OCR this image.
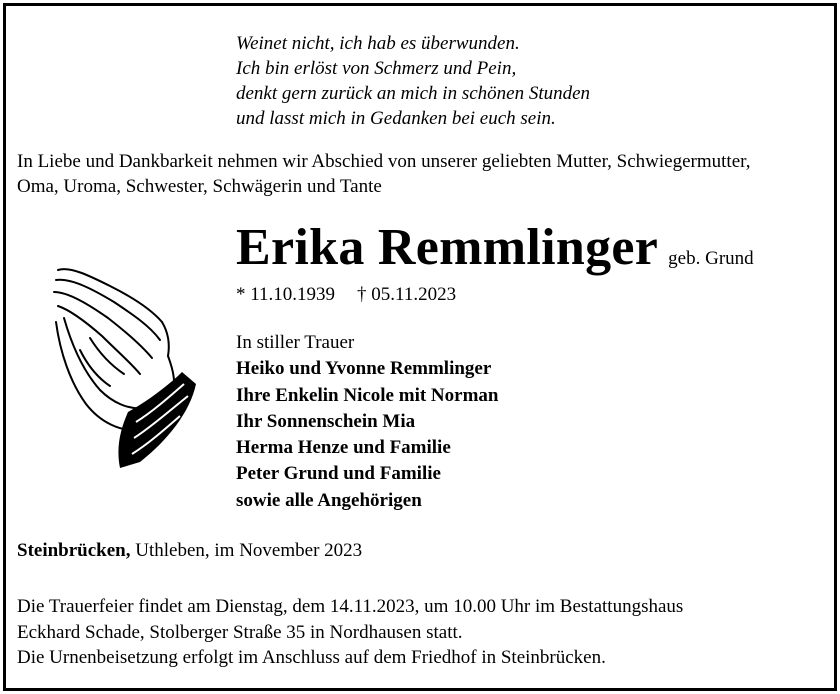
Weinet nicht, ich hab es überwunden.
Ich bin erlöst von Schmerz und Pein,
denkt gern zurück an mich in schönen Stunden
und lasst mich in Gedanken bei euch sein.
In Liebe und Dankbarkeit nehmen wir Abschied von unserer geliebten Mutter, Schwiegermutter,
Oma, Uroma, Schwester, Schwägerin und Tante
Erika Remmlinger geb. Grund
* 11.10.1939 † 05.11.2023
In stiller Trauer
Heiko und Yvonne Remmlinger
Ihre Enkelin Nicole mit Norman
Ihr Sonnenschein Mia
Herma Henze und Familie
Peter Grund und Familie
sowie alle Angehörigen
Steinbrücken, Uthleben, im November 2023
Die Trauerfeier findet am Dienstag, dem 14.11.2023, um 10.00 Uhr im Bestattungshaus
Eckhard Schade, Stolberger Straße 35 in Nordhausen statt.
Die Urnenbeisetzung erfolgt im Anschluss auf dem Friedhof in Steinbrücken.
